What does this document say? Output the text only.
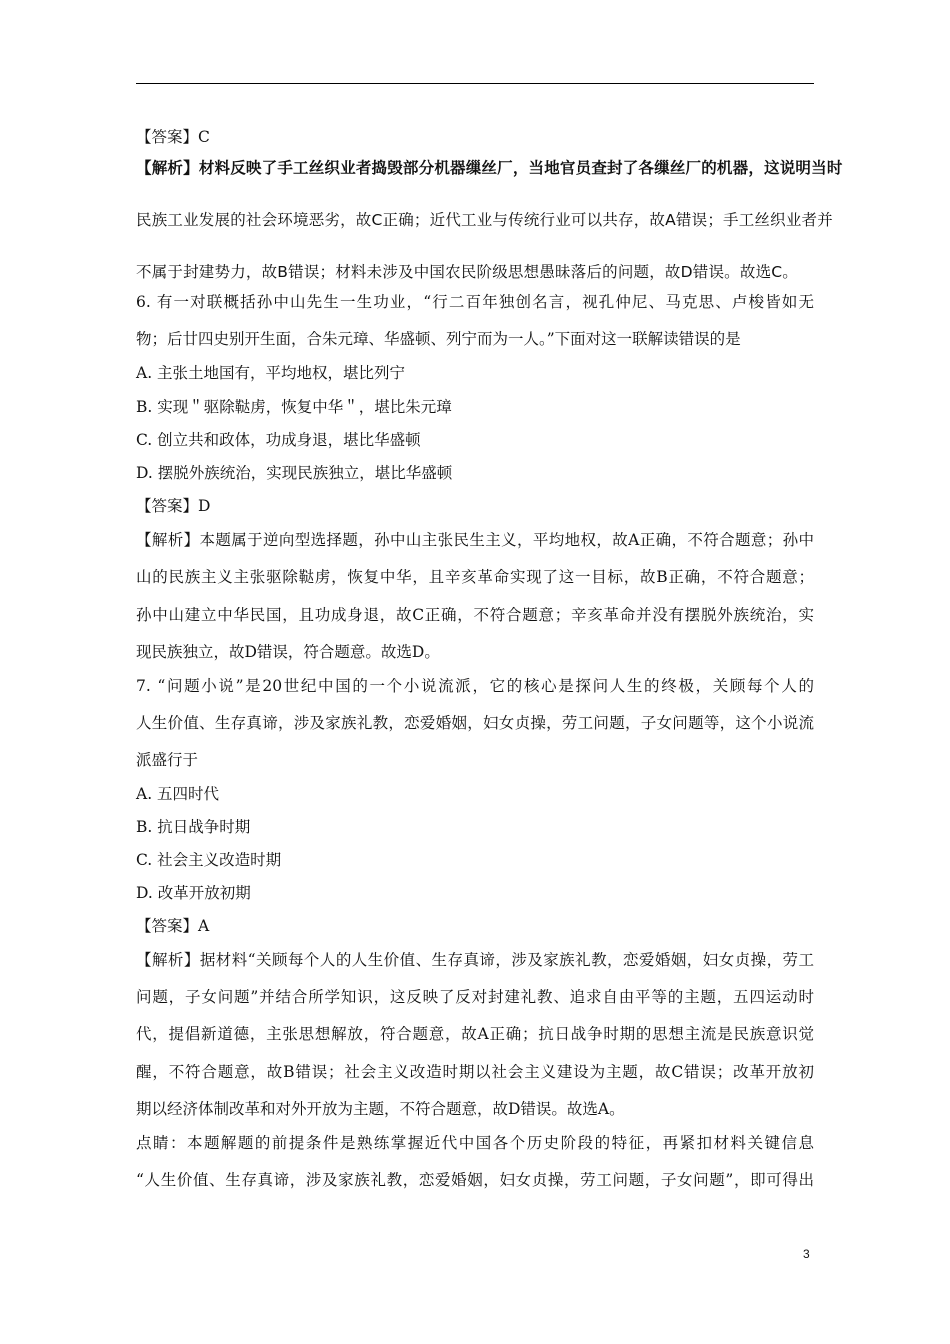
【答案】C
【解析】材料反映了手工丝织业者捣毁部分机器缫丝厂，当地官员查封了各缫丝厂的机器，这说明当时
民族工业发展的社会环境恶劣，故C正确；近代工业与传统行业可以共存，故A错误；手工丝织业者并
不属于封建势力，故B错误；材料未涉及中国农民阶级思想愚昧落后的问题，故D错误。故选C。
6. 有一对联概括孙中山先生一生功业，“行二百年独创名言，视孔仲尼、马克思、卢梭皆如无
物；后廿四史别开生面，合朱元璋、华盛顿、列宁而为一人。”下面对这一联解读错误的是
A. 主张土地国有，平均地权，堪比列宁
B. 实现＂驱除鞑虏，恢复中华＂，堪比朱元璋
C. 创立共和政体，功成身退，堪比华盛顿
D. 摆脱外族统治，实现民族独立，堪比华盛顿
【答案】D
【解析】本题属于逆向型选择题，孙中山主张民生主义，平均地权，故A正确，不符合题意；孙中
山的民族主义主张驱除鞑虏，恢复中华，且辛亥革命实现了这一目标，故B正确，不符合题意；
孙中山建立中华民国，且功成身退，故C正确，不符合题意；辛亥革命并没有摆脱外族统治，实
现民族独立，故D错误，符合题意。故选D。
7. “问题小说”是20世纪中国的一个小说流派，它的核心是探问人生的终极，关顾每个人的
人生价值、生存真谛，涉及家族礼教，恋爱婚姻，妇女贞操，劳工问题，子女问题等，这个小说流
派盛行于
A. 五四时代
B. 抗日战争时期
C. 社会主义改造时期
D. 改革开放初期
【答案】A
【解析】据材料“关顾每个人的人生价值、生存真谛，涉及家族礼教，恋爱婚姻，妇女贞操，劳工
问题，子女问题”并结合所学知识，这反映了反对封建礼教、追求自由平等的主题，五四运动时
代，提倡新道德，主张思想解放，符合题意，故A正确；抗日战争时期的思想主流是民族意识觉
醒，不符合题意，故B错误；社会主义改造时期以社会主义建设为主题，故C错误；改革开放初
期以经济体制改革和对外开放为主题，不符合题意，故D错误。故选A。
点睛：本题解题的前提条件是熟练掌握近代中国各个历史阶段的特征，再紧扣材料关键信息
“人生价值、生存真谛，涉及家族礼教，恋爱婚姻，妇女贞操，劳工问题，子女问题”，即可得出
3
